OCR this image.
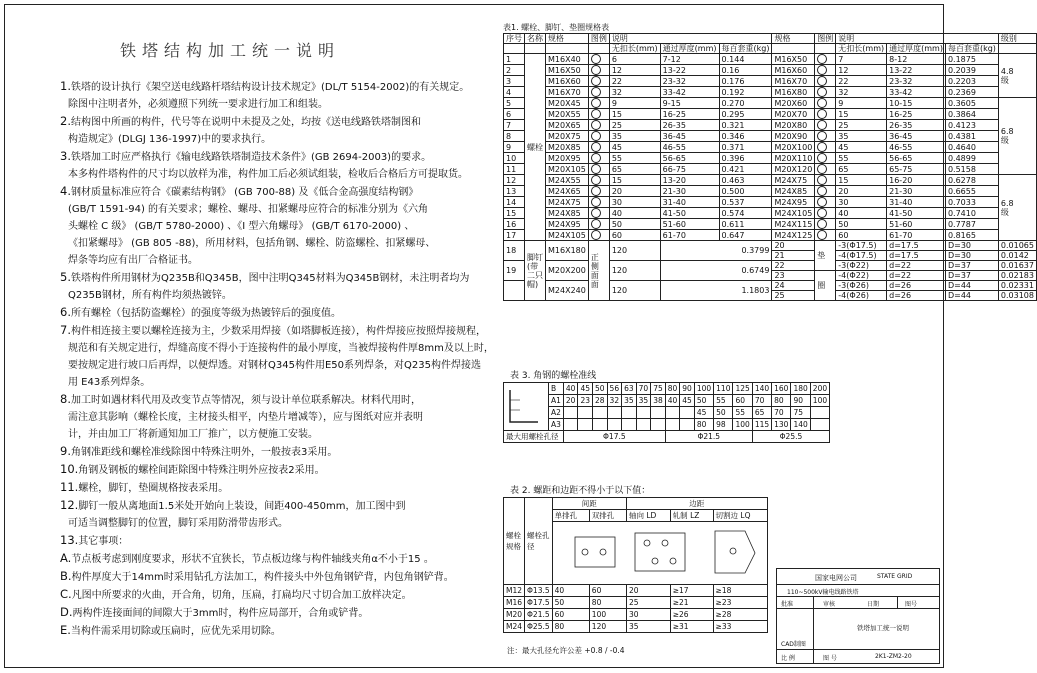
铁塔结构加工统一说明
1.铁塔的设计执行《架空送电线路杆塔结构设计技术规定》(DL/T 5154-2002)的有关规定。
除图中注明者外，必须遵照下列统一要求进行加工和组装。
2.结构图中所画的构件，代号等在说明中未提及之处，均按《送电线路铁塔制图和
构造规定》(DLGJ 136-1997)中的要求执行。
3.铁塔加工时应严格执行《输电线路铁塔制造技术条件》(GB 2694-2003)的要求。
本多构件塔构件的尺寸均以放样为准，构件加工后必须试组装，检收后合格后方可提取货。
4.钢材质量标准应符合《碳素结构钢》 (GB 700-88) 及《低合金高强度结构钢》
(GB/T 1591-94) 的有关要求；螺栓、螺母、扣紧螺母应符合的标准分别为《六角
头螺栓 C 级》 (GB/T 5780-2000) 、《I 型六角螺母》 (GB/T 6170-2000) 、
《扣紧螺母》 (GB 805 -88)，所用材料，包括角钢、螺栓、防盗螺栓、扣紧螺母、
焊条等均应有出厂合格证书。
5.铁塔构件所用钢材为Q235B和Q345B，图中注明Q345材料为Q345B钢材，未注明者均为
Q235B钢材，所有构件均须热镀锌。
6.所有螺栓（包括防盗螺栓）的强度等级为热镀锌后的强度值。
7.构件相连接主要以螺栓连接为主，少数采用焊接（如塔脚板连接），构件焊接应按照焊接规程，
规范和有关规定进行，焊缝高度不得小于连接构件的最小厚度，当被焊接构件厚8mm及以上时，
要按规定进行坡口后再焊，以便焊透。对钢材Q345构件用E50系列焊条，对Q235构件焊接选
用 E43系列焊条。
8.加工时如遇材料代用及改变节点等情况，须与设计单位联系解决。材料代用时，
需注意其影响（螺栓长度，主材接头相平，内垫片增减等），应与图纸对应并表明
计，并由加工厂将新通知加工厂推广，以方便施工安装。
9.角钢准距线和螺栓准线除图中特殊注明外，一般按表3采用。
10.角钢及钢板的螺栓间距除图中特殊注明外应按表2采用。
11.螺栓，脚钉，垫圈规格按表采用。
12.脚钉一般从离地面1.5米处开始向上装设，间距400-450mm，加工图中到
可适当调整脚钉的位置，脚钉采用防滑带齿形式。
13.其它事项：
A.节点板考虑到刚度要求，形状不宜狭长，节点板边缘与构件轴线夹角α不小于15 。
B.构件厚度大于14mm时采用钻孔方法加工，构件接头中外包角钢铲背，内包角钢铲背。
C.凡图中所要求的火曲，开合角，切角，压扁，打扁均尺寸切合加工放样决定。
D.两构件连接面间的间隙大于3mm时，构件应局部开，合角或铲背。
E.当构件需采用切除或压扁时，应优先采用切除。
表1. 螺栓、脚钉、垫圈规格表
序号	名称	规格	图例	说明			规格	图例	说明			级别
				无扣长(mm)	通过厚度(mm)	每百套重(kg)			无扣长(mm)	通过厚度(mm)	每百套重(kg)	
1	螺栓	M16X40		6	7-12	0.144	M16X50		7	8-12	0.1875	4.8
级

2		M16X50		12	13-22	0.16	M16X60		12	13-22	0.2039	
3		M16X60		22	23-32	0.176	M16X70		22	23-32	0.2203	
4		M16X70		32	33-42	0.192	M16X80		32	33-42	0.2369	
5		M20X45		9	9-15	0.270	M20X60		9	10-15	0.3605	6.8
级

6		M20X55		15	16-25	0.295	M20X70		15	16-25	0.3864	
7		M20X65		25	26-35	0.321	M20X80		25	26-35	0.4123	
8		M20X75		35	36-45	0.346	M20X90		35	36-45	0.4381	
9		M20X85		45	46-55	0.371	M20X100		45	46-55	0.4640	
10		M20X95		55	56-65	0.396	M20X110		55	56-65	0.4899	
11		M20X105		65	66-75	0.421	M20X120		65	65-75	0.5158	
12		M24X55		15	13-20	0.463	M24X75		15	16-20	0.6278	6.8
级

13		M24X65		20	21-30	0.500	M24X85		20	21-30	0.6655	
14		M24X75		30	31-40	0.537	M24X95		30	31-40	0.7033	
15		M24X85		40	41-50	0.574	M24X105		40	41-50	0.7410	
16		M24X95		50	51-60	0.611	M24X115		50	51-60	0.7787	
17		M24X105		60	61-70	0.647	M24X125		60	61-70	0.8165	
18	脚钉(带二只帽)	M16X180	正 侧 面 面	120	0.3799		20	垫	-3(Φ17.5)	d=17.5	D=30	0.01065
							21		-4(Φ17.5)	d=17.5	D=30	0.0142
19		M20X200		120	0.6749		22		-3(Φ22)	d=22	D=37	0.01637
							23	圈	-4(Φ22)	d=22	D=37	0.02183
		M24X240		120	1.1803		24		-3(Φ26)	d=26	D=44	0.02331
							25		-4(Φ26)	d=26	D=44	0.03108
表 3. 角钢的螺栓准线
	B	40	45	50	56	63	70	75	80	90	100	110	125	140	160	180	200
	A1	20	23	28	32	35	35	38	40	45	50	55	60	70	80	90	100
	A2										45	50	55	65	70	75	
	A3										80	98	100	115	130	140	
最大用螺栓孔径		Φ17.5							Φ21.5					Φ25.5			
表 2. 螺距和边距不得小于以下值：
螺栓规格	螺栓孔径	间距		边距		
		单排孔	双排孔	轴向 LD	轧制 LZ	切割边 LQ

M12	Φ13.5	40	60	20	≥17	≥18
M16	Φ17.5	50	80	25	≥21	≥23
M20	Φ21.5	60	100	30	≥26	≥28
M24	Φ25.5	80	120	35	≥31	≥33
注：最大孔径允许公差 +0.8 / -0.4
国家电网公司	STATE GRID
110~500kV输电线路铁塔
批准	审核	日期	图号
铁塔加工统一说明
CAD制图
比 例	图 号	2K1-ZM2-20
